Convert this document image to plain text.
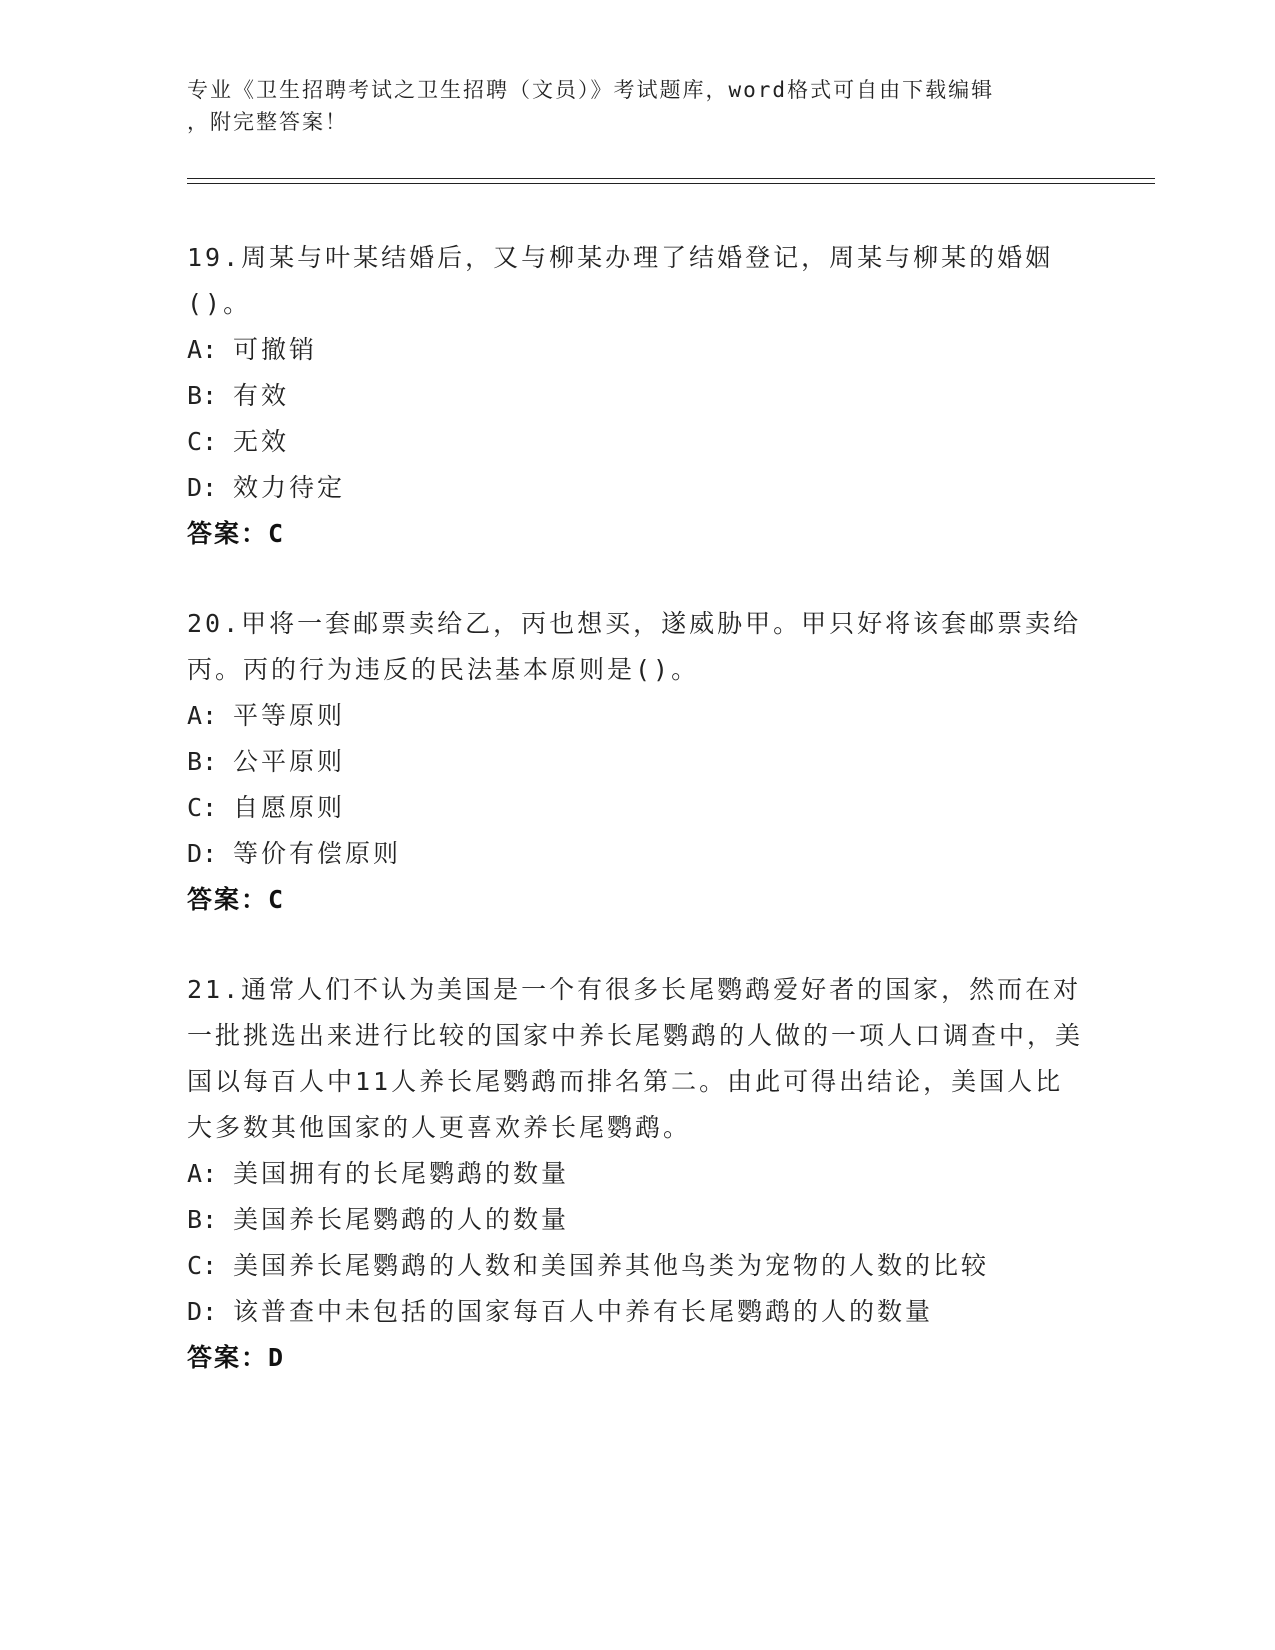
专业《卫生招聘考试之卫生招聘（文员）》考试题库，word格式可自由下载编辑
，附完整答案！

19.周某与叶某结婚后，又与柳某办理了结婚登记，周某与柳某的婚姻()。

A: 可撤销

B: 有效

C: 无效

D: 效力待定

答案：C

20.甲将一套邮票卖给乙，丙也想买，遂威胁甲。甲只好将该套邮票卖给丙。丙的行为违反的民法基本原则是()。

A: 平等原则

B: 公平原则

C: 自愿原则

D: 等价有偿原则

答案：C

21.通常人们不认为美国是一个有很多长尾鹦鹉爱好者的国家，然而在对一批挑选出来进行比较的国家中养长尾鹦鹉的人做的一项人口调查中，美国以每百人中11人养长尾鹦鹉而排名第二。由此可得出结论，美国人比大多数其他国家的人更喜欢养长尾鹦鹉。

A: 美国拥有的长尾鹦鹉的数量

B: 美国养长尾鹦鹉的人的数量

C: 美国养长尾鹦鹉的人数和美国养其他鸟类为宠物的人数的比较

D: 该普查中未包括的国家每百人中养有长尾鹦鹉的人的数量

答案：D
